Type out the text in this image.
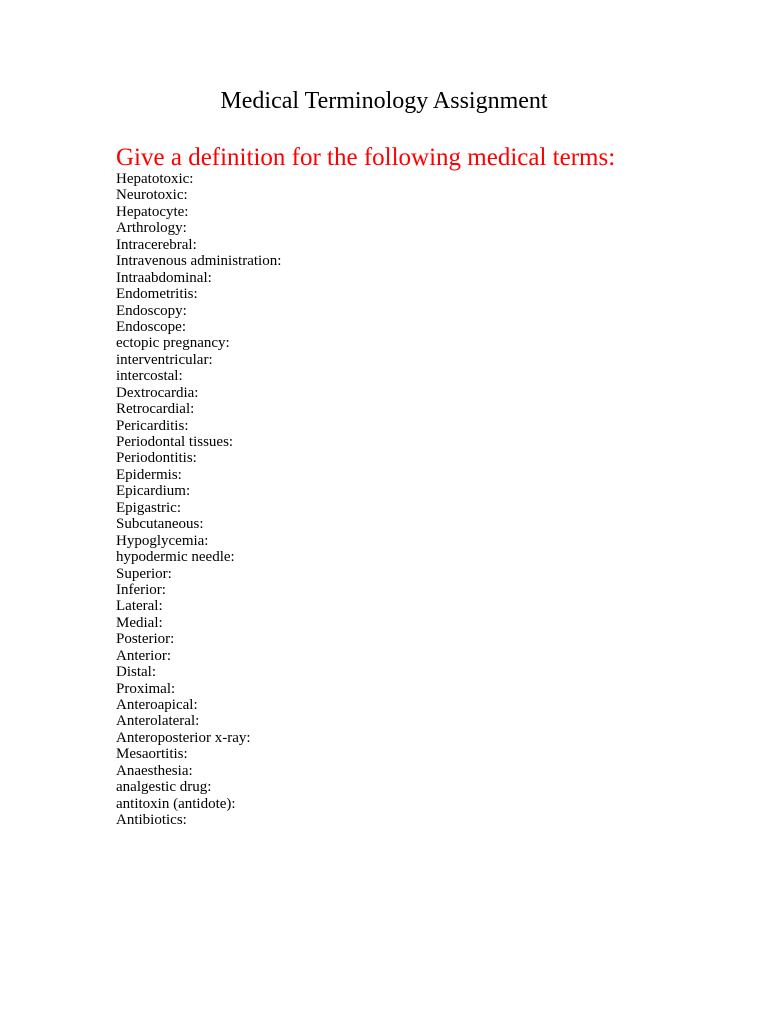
Medical Terminology Assignment
Give a definition for the following medical terms:
Hepatotoxic:
Neurotoxic:
Hepatocyte:
Arthrology:
Intracerebral:
Intravenous administration:
Intraabdominal:
Endometritis:
Endoscopy:
Endoscope:
ectopic pregnancy:
interventricular:
intercostal:
Dextrocardia:
Retrocardial:
Pericarditis:
Periodontal tissues:
Periodontitis:
Epidermis:
Epicardium:
Epigastric:
Subcutaneous:
Hypoglycemia:
hypodermic needle:
Superior:
Inferior:
Lateral:
Medial:
Posterior:
Anterior:
Distal:
Proximal:
Anteroapical:
Anterolateral:
Anteroposterior x-ray:
Mesaortitis:
Anaesthesia:
analgestic drug:
antitoxin (antidote):
Antibiotics:
